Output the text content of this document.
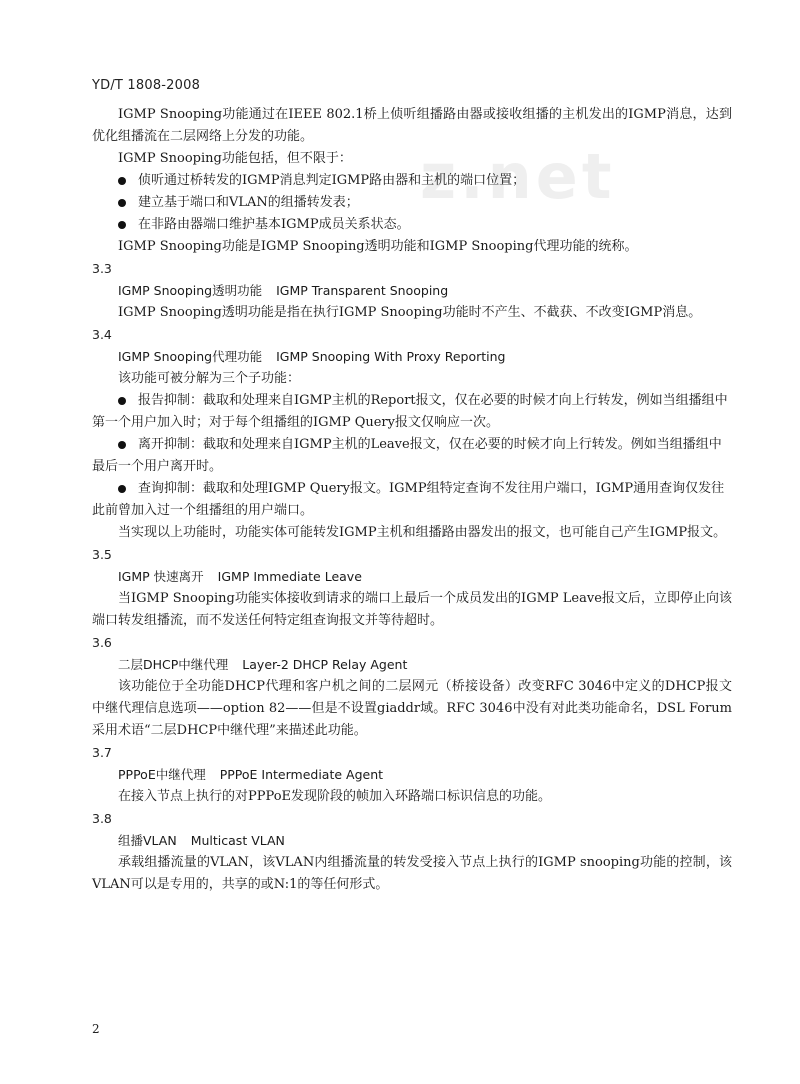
YD/T 1808-2008
z.net

IGMP Snooping功能通过在IEEE 802.1桥上侦听组播路由器或接收组播的主机发出的IGMP消息，达到优化组播流在二层网络上分发的功能。

IGMP Snooping功能包括，但不限于：

侦听通过桥转发的IGMP消息判定IGMP路由器和主机的端口位置；

建立基于端口和VLAN的组播转发表；

在非路由器端口维护基本IGMP成员关系状态。

IGMP Snooping功能是IGMP Snooping透明功能和IGMP Snooping代理功能的统称。

3.3

IGMP Snooping透明功能 IGMP Transparent Snooping

IGMP Snooping透明功能是指在执行IGMP Snooping功能时不产生、不截获、不改变IGMP消息。

3.4

IGMP Snooping代理功能 IGMP Snooping With Proxy Reporting

该功能可被分解为三个子功能：

报告抑制：截取和处理来自IGMP主机的Report报文，仅在必要的时候才向上行转发，例如当组播组中第一个用户加入时；对于每个组播组的IGMP Query报文仅响应一次。

离开抑制：截取和处理来自IGMP主机的Leave报文，仅在必要的时候才向上行转发。例如当组播组中最后一个用户离开时。

查询抑制：截取和处理IGMP Query报文。IGMP组特定查询不发往用户端口，IGMP通用查询仅发往此前曾加入过一个组播组的用户端口。

当实现以上功能时，功能实体可能转发IGMP主机和组播路由器发出的报文，也可能自己产生IGMP报文。

3.5

IGMP 快速离开 IGMP Immediate Leave

当IGMP Snooping功能实体接收到请求的端口上最后一个成员发出的IGMP Leave报文后，立即停止向该端口转发组播流，而不发送任何特定组查询报文并等待超时。

3.6

二层DHCP中继代理 Layer-2 DHCP Relay Agent

该功能位于全功能DHCP代理和客户机之间的二层网元（桥接设备）改变RFC 3046中定义的DHCP报文中继代理信息选项——option 82——但是不设置giaddr域。RFC 3046中没有对此类功能命名，DSL Forum采用术语“二层DHCP中继代理”来描述此功能。

3.7

PPPoE中继代理 PPPoE Intermediate Agent

在接入节点上执行的对PPPoE发现阶段的帧加入环路端口标识信息的功能。

3.8

组播VLAN Multicast VLAN

承载组播流量的VLAN，该VLAN内组播流量的转发受接入节点上执行的IGMP snooping功能的控制，该VLAN可以是专用的，共享的或N:1的等任何形式。

2
